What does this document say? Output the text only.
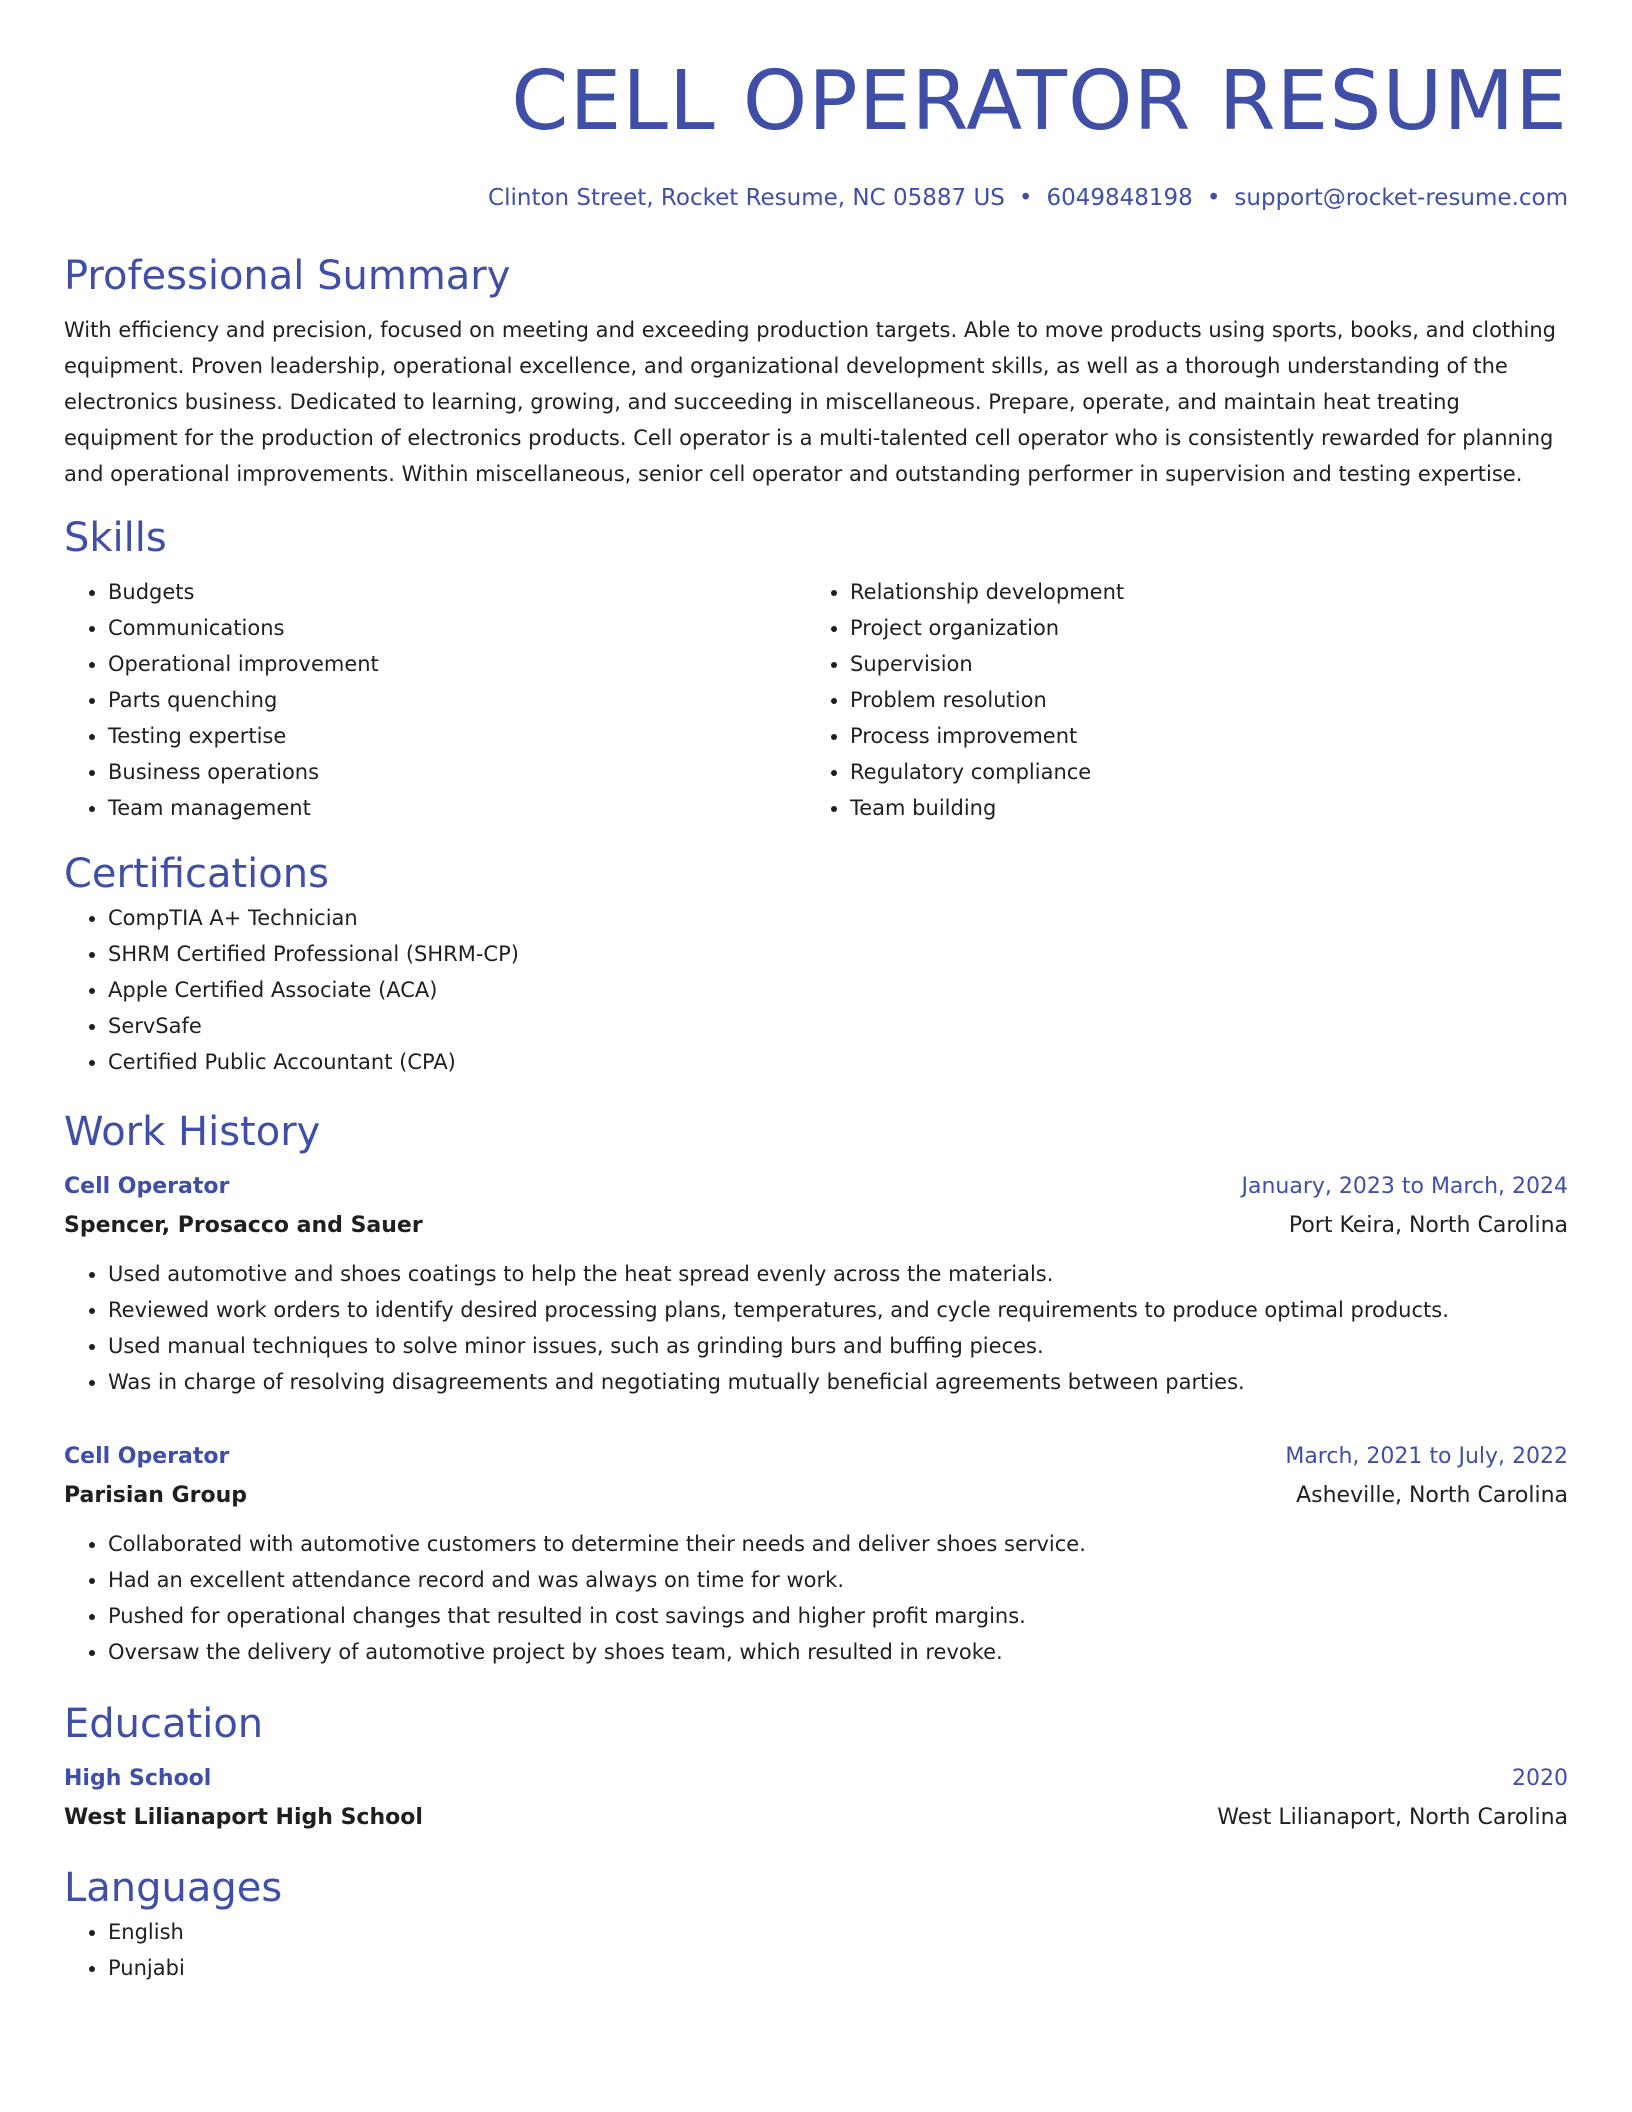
CELL OPERATOR RESUME
Clinton Street, Rocket Resume, NC 05887 US • 6049848198 • support@rocket-resume.com
Professional Summary
With efficiency and precision, focused on meeting and exceeding production targets. Able to move products using sports, books, and clothing equipment. Proven leadership, operational excellence, and organizational development skills, as well as a thorough understanding of the electronics business. Dedicated to learning, growing, and succeeding in miscellaneous. Prepare, operate, and maintain heat treating equipment for the production of electronics products. Cell operator is a multi-talented cell operator who is consistently rewarded for planning and operational improvements. Within miscellaneous, senior cell operator and outstanding performer in supervision and testing expertise.
Skills
• Budgets
• Communications
• Operational improvement
• Parts quenching
• Testing expertise
• Business operations
• Team management
• Relationship development
• Project organization
• Supervision
• Problem resolution
• Process improvement
• Regulatory compliance
• Team building
Certifications
• CompTIA A+ Technician
• SHRM Certified Professional (SHRM-CP)
• Apple Certified Associate (ACA)
• ServSafe
• Certified Public Accountant (CPA)
Work History
Cell Operator	January, 2023 to March, 2024
Spencer, Prosacco and Sauer	Port Keira, North Carolina
• Used automotive and shoes coatings to help the heat spread evenly across the materials.
• Reviewed work orders to identify desired processing plans, temperatures, and cycle requirements to produce optimal products.
• Used manual techniques to solve minor issues, such as grinding burs and buffing pieces.
• Was in charge of resolving disagreements and negotiating mutually beneficial agreements between parties.
Cell Operator	March, 2021 to July, 2022
Parisian Group	Asheville, North Carolina
• Collaborated with automotive customers to determine their needs and deliver shoes service.
• Had an excellent attendance record and was always on time for work.
• Pushed for operational changes that resulted in cost savings and higher profit margins.
• Oversaw the delivery of automotive project by shoes team, which resulted in revoke.
Education
High School	2020
West Lilianaport High School	West Lilianaport, North Carolina
Languages
• English
• Punjabi
